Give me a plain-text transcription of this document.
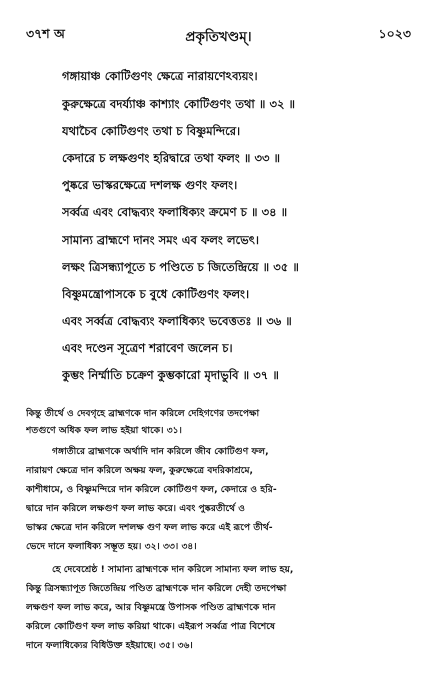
৩৭শ অ	প্রকৃতিখণ্ডম্।	১০২৩
গঙ্গায়াঞ্চ কোটিগুণং ক্ষেত্রে নারায়ণেঽব্যয়ং।
কুরুক্ষেত্রে বদর্য্যাঞ্চ কাশ্যাং কোটিগুণং তথা ॥ ৩২ ॥
যথাচৈব কোটিগুণং তথা চ বিষ্ণুমন্দিরে।
কেদারে চ লক্ষগুণং হরিদ্বারে তথা ফলং ॥ ৩৩ ॥
পুষ্করে ভাস্করক্ষেত্রে দশলক্ষ গুণং ফলং।
সর্ব্বত্র এবং বোদ্ধব্যং ফলাধিক্যং ক্রমেণ চ ॥ ৩৪ ॥
সামান্য ব্রাহ্মণে দানং সমং এব ফলং লভেৎ।
লক্ষং ত্রিসন্ধ্যাপূতে চ পণ্ডিতে চ জিতেন্দ্রিয়ে ॥ ৩৫ ॥
বিষ্ণুমন্ত্রোপাসকে চ বুধে কোটিগুণং ফলং।
এবং সর্ব্বত্র বোদ্ধব্যং ফলাধিক্যং ভবেত্ততঃ ॥ ৩৬ ॥
এবং দণ্ডেন সূত্রেণ শরাবেণ জলেন চ।
কুম্ভং নির্ম্মাতি চক্রেণ কুম্ভকারো মৃদাভুবি ॥ ৩৭ ॥
কিন্তু তীর্থে ও দেবগৃহে ব্রাহ্মণকে দান করিলে দেহিগণের তদপেক্ষা
শতগুণে অধিক ফল লাভ হইয়া থাকে। ৩১।
গঙ্গাতীরে ব্রাহ্মণকে অর্থাদি দান করিলে জীব কোটিগুণ ফল,
নারায়ণ ক্ষেত্রে দান করিলে অক্ষয় ফল, কুরুক্ষেত্রে বদরিকাশ্রমে,
কাশীধামে, ও বিষ্ণুমন্দিরে দান করিলে কোটিগুণ ফল, কেদারে ও হরি-
দ্বারে দান করিলে লক্ষগুণ ফল লাভ করে। এবং পুষ্করতীর্থে ও
ভাস্কর ক্ষেত্রে দান করিলে দশলক্ষ গুণ ফল লাভ করে এই রূপে তীর্থ-
ভেদে দানে ফলাধিক্য সম্ভূত হয়। ৩২। ৩৩। ৩৪।
হে দেবেশ্রেষ্ঠ ! সামান্য ব্রাহ্মণকে দান করিলে সামান্য ফল লাভ হয়,
কিন্তু ত্রিসন্ধ্যাপূত জিতেন্দ্রিয় পণ্ডিত ব্রাহ্মণকে দান করিলে দেহী তদপেক্ষা
লক্ষগুণ ফল লাভ করে, আর বিষ্ণুমন্ত্রে উপাসক পণ্ডিত ব্রাহ্মণকে দান
করিলে কোটিগুণ ফল লাভ করিয়া থাকে। এইরূপ সর্ব্বত্র পাত্র বিশেষে
দানে ফলাধিক্যের বিধিউক্ত হইয়াছে। ৩৫। ৩৬।
